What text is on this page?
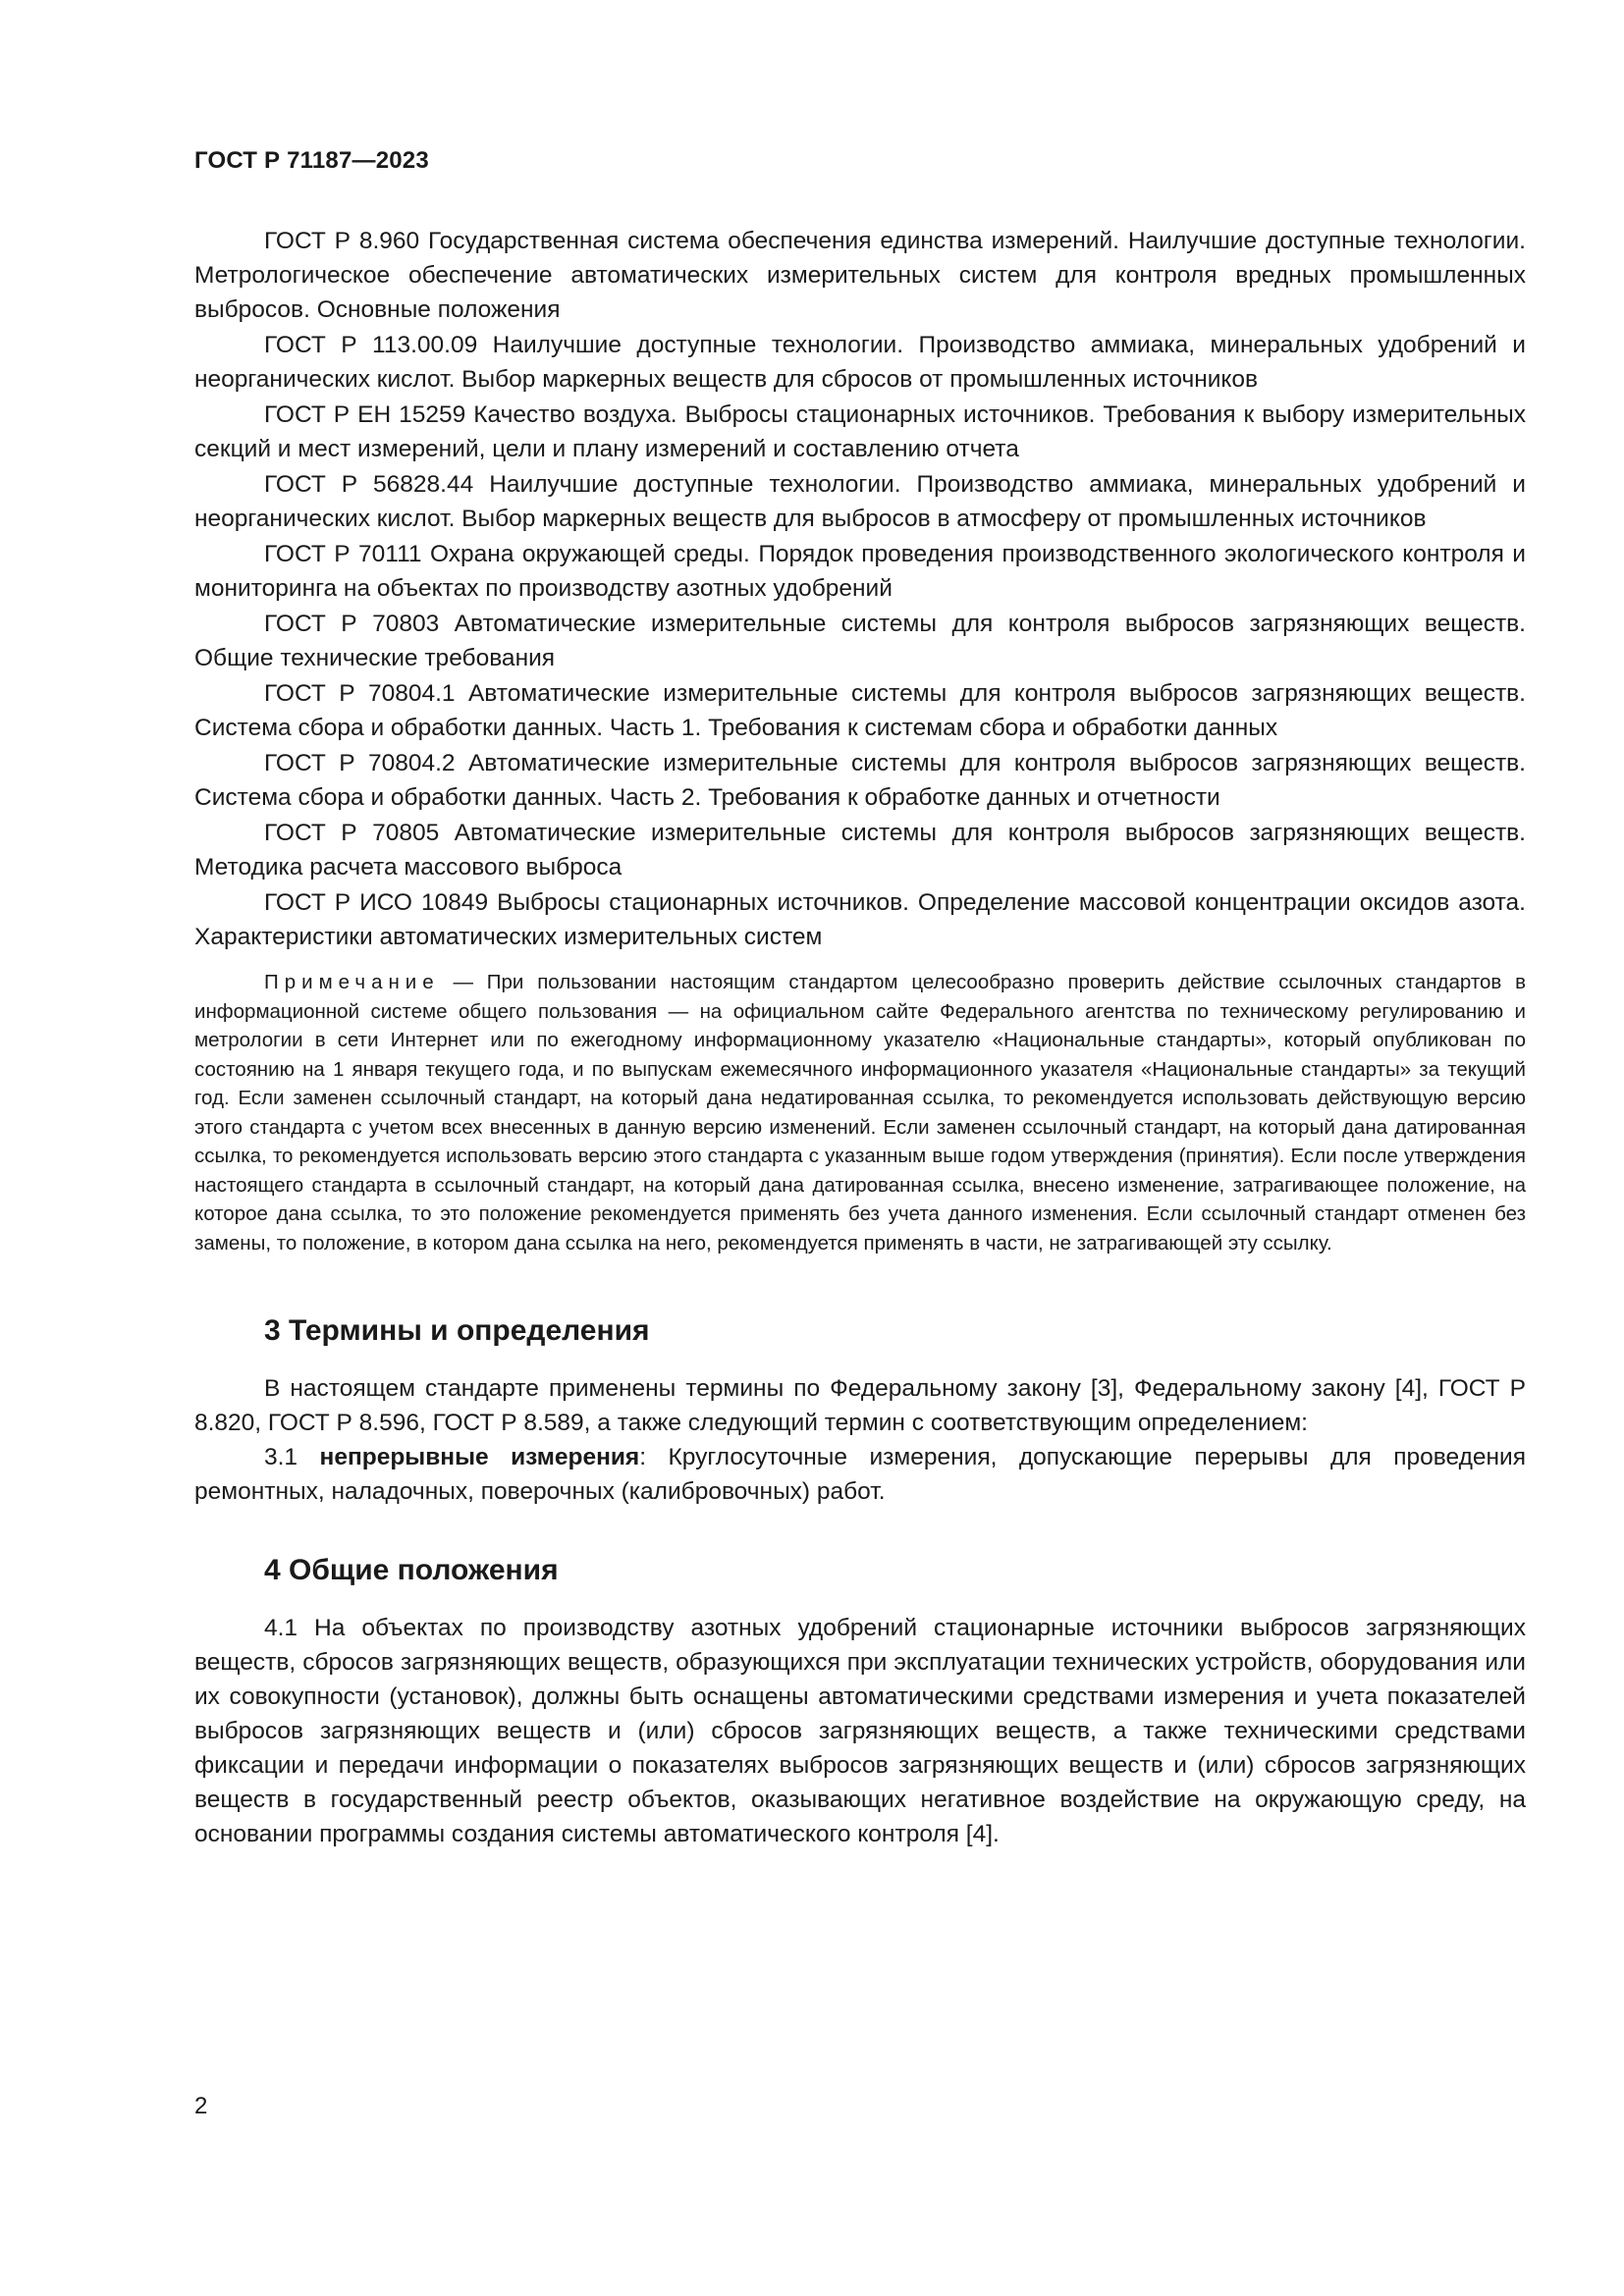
ГОСТ Р 71187—2023

ГОСТ Р 8.960 Государственная система обеспечения единства измерений. Наилучшие доступные технологии. Метрологическое обеспечение автоматических измерительных систем для контроля вредных промышленных выбросов. Основные положения

ГОСТ Р 113.00.09 Наилучшие доступные технологии. Производство аммиака, минеральных удобрений и неорганических кислот. Выбор маркерных веществ для сбросов от промышленных источников

ГОСТ Р ЕН 15259 Качество воздуха. Выбросы стационарных источников. Требования к выбору измерительных секций и мест измерений, цели и плану измерений и составлению отчета

ГОСТ Р 56828.44 Наилучшие доступные технологии. Производство аммиака, минеральных удобрений и неорганических кислот. Выбор маркерных веществ для выбросов в атмосферу от промышленных источников

ГОСТ Р 70111 Охрана окружающей среды. Порядок проведения производственного экологического контроля и мониторинга на объектах по производству азотных удобрений

ГОСТ Р 70803 Автоматические измерительные системы для контроля выбросов загрязняющих веществ. Общие технические требования

ГОСТ Р 70804.1 Автоматические измерительные системы для контроля выбросов загрязняющих веществ. Система сбора и обработки данных. Часть 1. Требования к системам сбора и обработки данных

ГОСТ Р 70804.2 Автоматические измерительные системы для контроля выбросов загрязняющих веществ. Система сбора и обработки данных. Часть 2. Требования к обработке данных и отчетности

ГОСТ Р 70805 Автоматические измерительные системы для контроля выбросов загрязняющих веществ. Методика расчета массового выброса

ГОСТ Р ИСО 10849 Выбросы стационарных источников. Определение массовой концентрации оксидов азота. Характеристики автоматических измерительных систем

Примечание — При пользовании настоящим стандартом целесообразно проверить действие ссылочных стандартов в информационной системе общего пользования — на официальном сайте Федерального агентства по техническому регулированию и метрологии в сети Интернет или по ежегодному информационному указателю «Национальные стандарты», который опубликован по состоянию на 1 января текущего года, и по выпускам ежемесячного информационного указателя «Национальные стандарты» за текущий год. Если заменен ссылочный стандарт, на который дана недатированная ссылка, то рекомендуется использовать действующую версию этого стандарта с учетом всех внесенных в данную версию изменений. Если заменен ссылочный стандарт, на который дана датированная ссылка, то рекомендуется использовать версию этого стандарта с указанным выше годом утверждения (принятия). Если после утверждения настоящего стандарта в ссылочный стандарт, на который дана датированная ссылка, внесено изменение, затрагивающее положение, на которое дана ссылка, то это положение рекомендуется применять без учета данного изменения. Если ссылочный стандарт отменен без замены, то положение, в котором дана ссылка на него, рекомендуется применять в части, не затрагивающей эту ссылку.

3 Термины и определения

В настоящем стандарте применены термины по Федеральному закону [3], Федеральному закону [4], ГОСТ Р 8.820, ГОСТ Р 8.596, ГОСТ Р 8.589, а также следующий термин с соответствующим определением:

3.1 непрерывные измерения: Круглосуточные измерения, допускающие перерывы для проведения ремонтных, наладочных, поверочных (калибровочных) работ.

4 Общие положения

4.1 На объектах по производству азотных удобрений стационарные источники выбросов загрязняющих веществ, сбросов загрязняющих веществ, образующихся при эксплуатации технических устройств, оборудования или их совокупности (установок), должны быть оснащены автоматическими средствами измерения и учета показателей выбросов загрязняющих веществ и (или) сбросов загрязняющих веществ, а также техническими средствами фиксации и передачи информации о показателях выбросов загрязняющих веществ и (или) сбросов загрязняющих веществ в государственный реестр объектов, оказывающих негативное воздействие на окружающую среду, на основании программы создания системы автоматического контроля [4].

2
